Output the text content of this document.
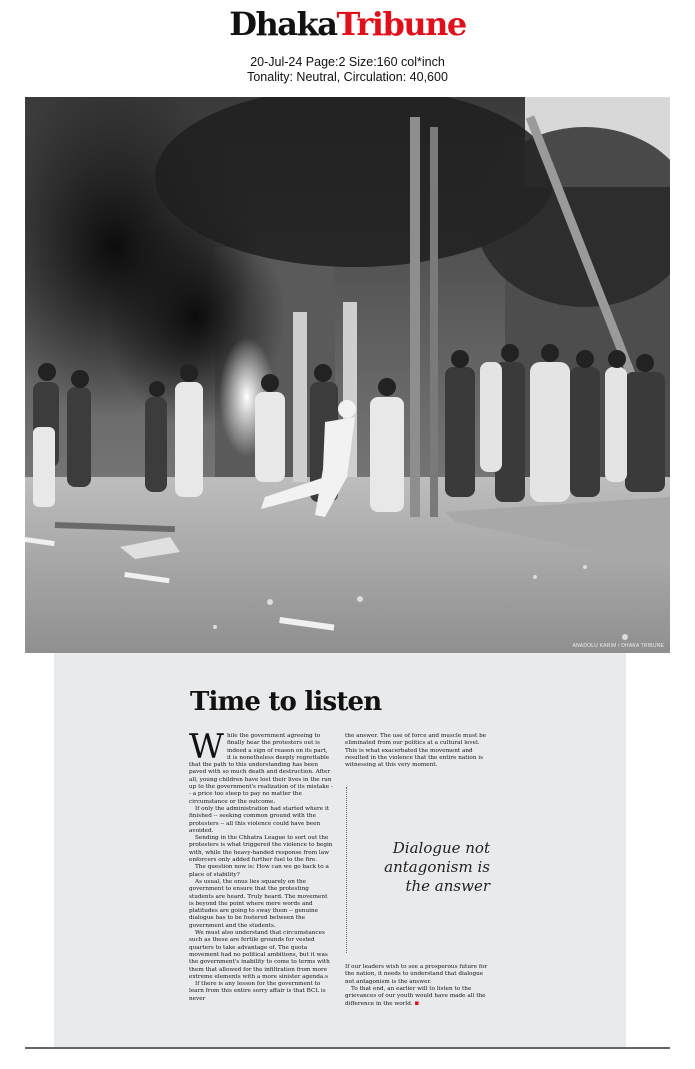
DhakaTribune
20-Jul-24 Page:2 Size:160 col*inch
Tonality: Neutral, Circulation: 40,600
ANADOLU KARIM / DHAKA TRIBUNE
Time to listen

While the government agreeing to finally hear the protesters out is indeed a sign of reason on its part, it is nonetheless deeply regrettable that the path to this understanding has been paved with so much death and destruction. After all, young children have lost their lives in the run up to the government's realization of its mistake -- a price too steep to pay no matter the circumstance or the outcome.

If only the administration had started where it finished -- seeking common ground with the protesters -- all this violence could have been avoided.

Sending in the Chhatra League to sort out the protesters is what triggered the violence to begin with, while the heavy-handed response from law enforcers only added further fuel to the fire.

The question now is: How can we go back to a place of stability?

As usual, the onus lies squarely on the government to ensure that the protesting students are heard. Truly heard. The movement is beyond the point where mere words and platitudes are going to sway them -- genuine dialogue has to be fostered between the government and the students.

We must also understand that circumstances such as these are fertile grounds for vested quarters to take advantage of. The quota movement had no political ambitions, but it was the government's inability to come to terms with them that allowed for the infiltration from more extreme elements with a more sinister agenda.s

If there is any lesson for the government to learn from this entire sorry affair is that BCL is never

the answer. The use of force and muscle must be eliminated from our politics at a cultural level. This is what exacerbated the movement and resulted in the violence that the entire nation is witnessing at this very moment.

Dialogue not antagonism is the answer

If our leaders wish to see a prosperous future for the nation, it needs to understand that dialogue not antagonism is the answer.

To that end, an earlier will to listen to the grievances of our youth would have made all the difference in the world. ▪
